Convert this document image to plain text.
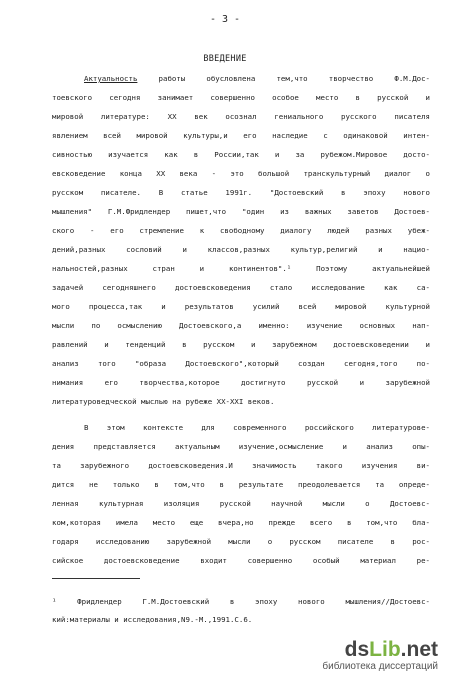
- 3 -
ВВЕДЕНИЕ
Актуальность работы обусловлена тем,что творчество Ф.М.Дос-
тоевского сегодня занимает совершенно особое место в русской и
мировой литературе: XX век осознал гениального русского писателя
явлением всей мировой культуры,и его наследие с одинаковой интен-
сивностью изучается как в России,так и за рубежом.Мировое досто-
евсковедение конца XX века - это большой транскультурный диалог о
русском писателе. В статье 1991г. "Достоевский в эпоху нового
мышления" Г.М.Фридлендер пишет,что "один из важных заветов Достоев-
ского - его стремление к свободному диалогу людей разных убеж-
дений,разных сословий и классов,разных культур,религий и нацио-
нальностей,разных стран и континентов".¹ Поэтому актуальнейшей
задачей сегодняшнего достоевсковедения стало исследование как са-
мого процесса,так и результатов усилий всей мировой культурной
мысли по осмыслению Достоевского,а именно: изучение основных нап-
равлений и тенденций в русском и зарубежном достоевсковедении и
анализ того "образа Достоевского",который создан сегодня,того по-
нимания его творчества,которое достигнуто русской и зарубежной
литературоведческой мыслью на рубеже XX-XXI веков.
В этом контексте для современного российского литературове-
дения представляется актуальным изучение,осмысление и анализ опы-
та зарубежного достоевсковедения.И значимость такого изучения ви-
дится не только в том,что в результате преодолевается та опреде-
ленная культурная изоляция русской научной мысли о Достоевс-
ком,которая имела место еще вчера,но прежде всего в том,что бла-
годаря исследованию зарубежной мысли о русском писателе в рос-
сийское достоевсковедение входит совершенно особый материал ре-
¹ Фридлендер Г.М.Достоевский в эпоху нового мышления//Достоевс-
кий:материалы и исследования,N9.-М.,1991.С.6.
dsLib.net
библиотека диссертаций
